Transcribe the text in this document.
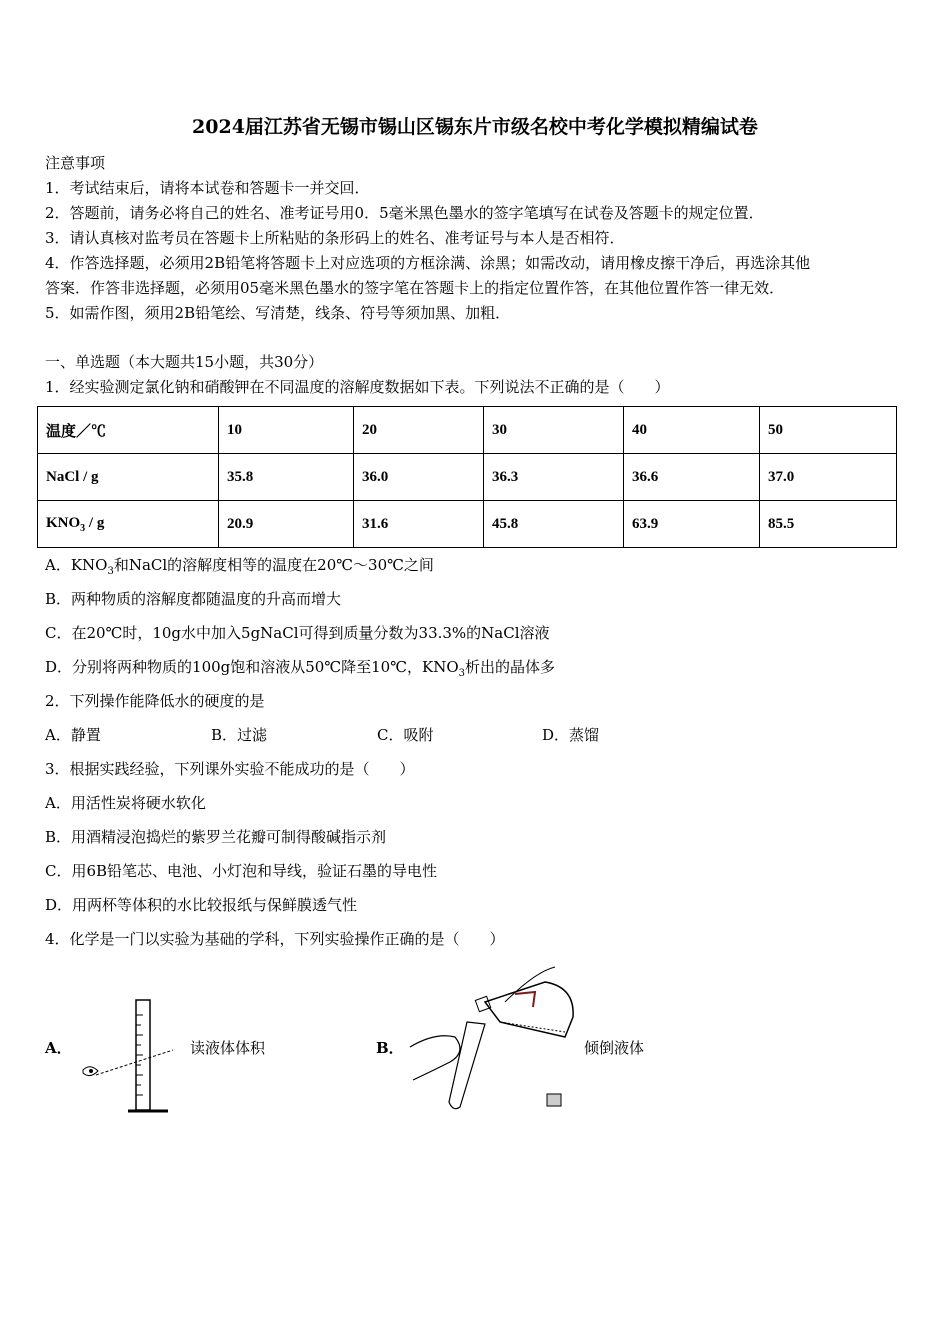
2024届江苏省无锡市锡山区锡东片市级名校中考化学模拟精编试卷
注意事项
1．考试结束后，请将本试卷和答题卡一并交回．
2．答题前，请务必将自己的姓名、准考证号用0．5毫米黑色墨水的签字笔填写在试卷及答题卡的规定位置．
3．请认真核对监考员在答题卡上所粘贴的条形码上的姓名、准考证号与本人是否相符．
4．作答选择题，必须用2B铅笔将答题卡上对应选项的方框涂满、涂黑；如需改动，请用橡皮擦干净后，再选涂其他
答案．作答非选择题，必须用05毫米黑色墨水的签字笔在答题卡上的指定位置作答，在其他位置作答一律无效．
5．如需作图，须用2B铅笔绘、写清楚，线条、符号等须加黑、加粗．
一、单选题（本大题共15小题，共30分）
1．经实验测定氯化钠和硝酸钾在不同温度的溶解度数据如下表。下列说法不正确的是（　　）
温度／℃	10	20	30	40	50
NaCl / g	35.8	36.0	36.3	36.6	37.0
$KNO_3$ / g	20.9	31.6	45.8	63.9	85.5
A．$KNO_3$和NaCl的溶解度相等的温度在20℃～30℃之间
B．两种物质的溶解度都随温度的升高而增大
C．在20℃时，10g水中加入5gNaCl可得到质量分数为33.3%的NaCl溶液
D．分别将两种物质的100g饱和溶液从50℃降至10℃，$KNO_3$析出的晶体多
2．下列操作能降低水的硬度的是
A．静置	B．过滤	C．吸附	D．蒸馏
3．根据实践经验，下列课外实验不能成功的是（　　）
A．用活性炭将硬水软化
B．用酒精浸泡捣烂的紫罗兰花瓣可制得酸碱指示剂
C．用6B铅笔芯、电池、小灯泡和导线，验证石墨的导电性
D．用两杯等体积的水比较报纸与保鲜膜透气性
4．化学是一门以实验为基础的学科，下列实验操作正确的是（　　）
A．	读液体体积	B．	倾倒液体
